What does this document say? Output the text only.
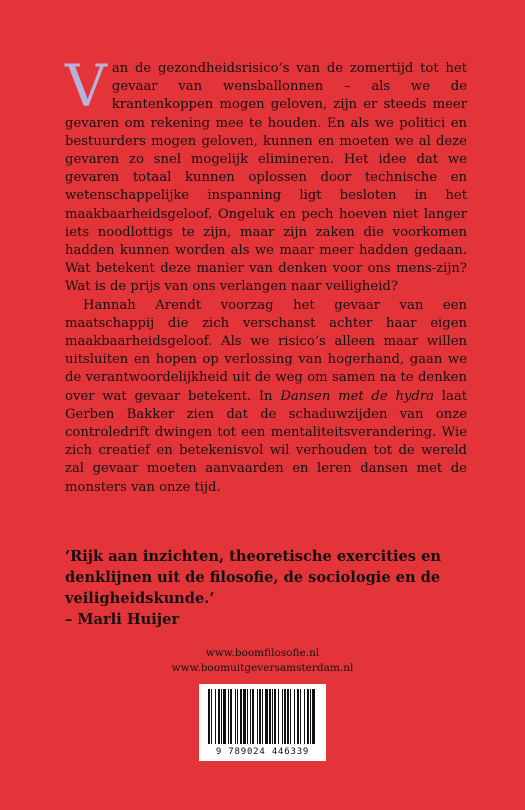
Van de gezondheidsrisico’s van de zomertijd tot het gevaar van wensballonnen – als we de krantenkoppen mogen geloven, zijn er steeds meer gevaren om rekening mee te houden. En als we politici en bestuurders mogen geloven, kunnen en moeten we al deze gevaren zo snel mogelijk elimineren. Het idee dat we gevaren totaal kunnen oplossen door technische en wetenschappelijke inspanning ligt besloten in het maakbaarheidsgeloof. Ongeluk en pech hoeven niet langer iets noodlottigs te zijn, maar zijn zaken die voorkomen hadden kunnen worden als we maar meer hadden gedaan. Wat betekent deze manier van denken voor ons mens-zijn? Wat is de prijs van ons verlangen naar veiligheid?

Hannah Arendt voorzag het gevaar van een maatschappij die zich verschanst achter haar eigen maakbaarheidsgeloof. Als we risico’s alleen maar willen uitsluiten en hopen op verlossing van hogerhand, gaan we de verantwoordelijkheid uit de weg om samen na te denken over wat gevaar betekent. In Dansen met de hydra laat Gerben Bakker zien dat de schaduwzijden van onze controledrift dwingen tot een mentaliteitsverandering. Wie zich creatief en betekenisvol wil verhouden tot de wereld zal gevaar moeten aanvaarden en leren dansen met de monsters van onze tijd.

‘Rijk aan inzichten, theoretische exercities en denklijnen uit de filosofie, de sociologie en de veiligheidskunde.’
– Marli Huijer
www.boomfilosofie.nl
www.boomuitgeversamsterdam.nl
9 789024 446339
